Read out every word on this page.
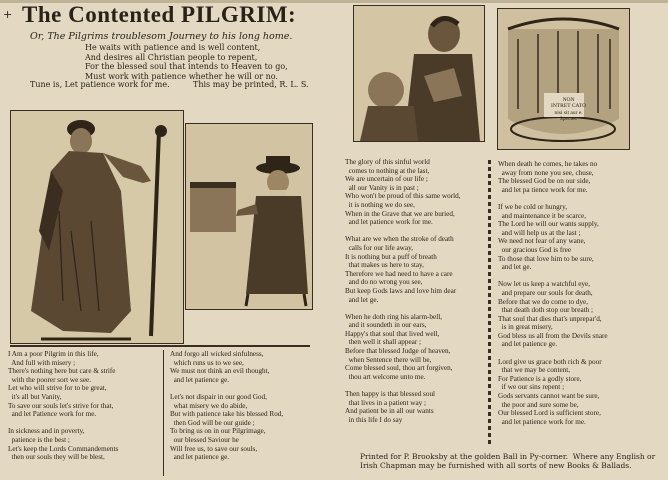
+ The Contented PILGRIM:
Or, The Pilgrims troublesom Journey to his long home.
He waits with patience and is well content,
And desires all Christian people to repent,
For the blessed soul that intends to Heaven to go,
Must work with patience whether he will or no.
Tune is, Let patience work for me.	This may be printed, R. L. S.
NON
INTRET CATO
nisi sit aur e.
Spectet.
I Am a poor Pilgrim in this life,
And full with misery ;
There's nothing here but care & strife
with the poorer sort we see.
Let who will strive for to be great,
it's all but Vanity,
To save our souls let's strive for that,
and let Patience work for me.

In sickness and in poverty,
patience is the best ;
Let's keep the Lords Commandements
then our souls they will be blest,
And forgo all wicked sinfulness,
which runs us to we see,
We must not think an evil thought,
and let patience ge.

Let's not dispair in our good God,
what misery we do abide,
But with patience take his blessed Rod,
then God will be our guide ;
To bring us on in our Pilgrimage,
our blessed Saviour he
Will free us, to save our souls,
and let patience ge.
The glory of this sinful world
comes to nothing at the last,
We are uncertain of our life ;
all our Vanity is in past ;
Who won't be proud of this same world,
it is nothing we do see,
When in the Grave that we are buried,
and let patience work for me.

What are we when the stroke of death
calls for our life away,
It is nothing but a puff of breath
that makes us here to stay,
Therefore we had need to have a care
and do no wrong you see,
But keep Gods laws and love him dear
and let ge.

When he doth ring his alarm-bell,
and it soundeth in our ears,
Happy's that soul that lived well,
then well it shall appear ;
Before that blessed Judge of heaven,
when Sentence there will be,
Come blessed soul, thou art forgiven,
thou art welcome unto me.

Then happy is that blessed soul
that lives in a patient way ;
And patient be in all our wants
in this life I do say
When death he comes, he takes no
away from none you see, chuse,
The blessed God be on our side,
and let pa tience work for me.

If we be cold or hungry,
and maintenance it be scarce,
The Lord he will our wants supply,
and will help us at the last ;
We need not fear of any wane,
our gracious God is free
To those that love him to be sure,
and let ge.

Now let us keep a watchful eye,
and prepare our souls for death,
Before that we do come to dye,
that death doth stop our breath ;
That soul that dies that's unprepar'd,
is in great misery,
God bless us all from the Devils snare
and let patience ge.

Lord give us grace both rich & poor
that we may be content,
For Patience is a godly store,
if we our sins repent ;
Gods servants cannot want be sure,
the poor and sure some be,
Our blessed Lord is sufficient store,
and let patience work for me.
Printed for P. Brooksby at the golden Ball in Py-corner.  Where any English or
Irish Chapman may be furnished with all sorts of new Books & Ballads.
